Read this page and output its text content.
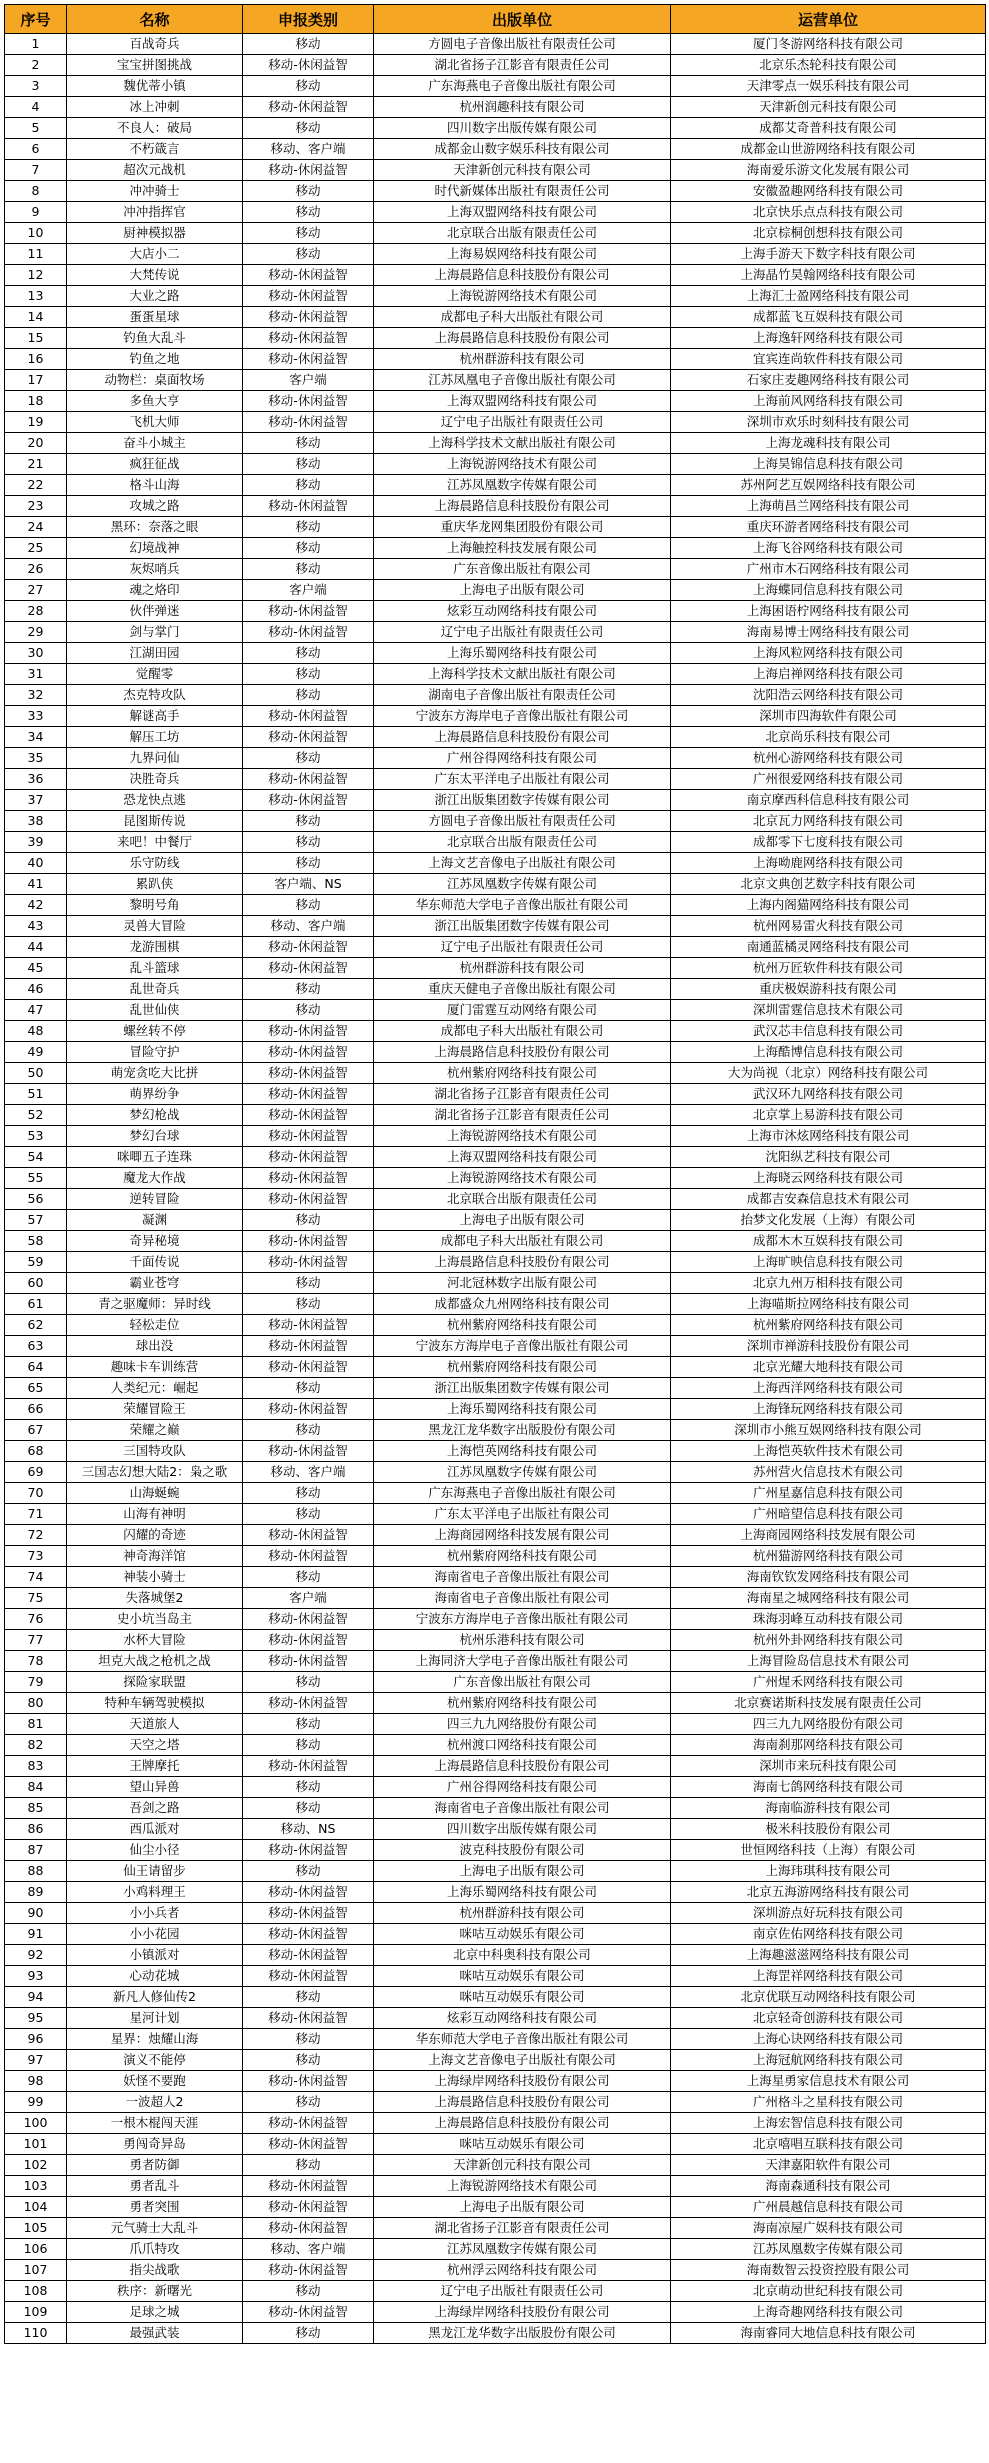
序号	名称	申报类别	出版单位	运营单位
1	百战奇兵	移动	方圆电子音像出版社有限责任公司	厦门冬游网络科技有限公司
2	宝宝拼图挑战	移动-休闲益智	湖北省扬子江影音有限责任公司	北京乐杰轮科技有限公司
3	魏优蒂小镇	移动	广东海燕电子音像出版社有限公司	天津零点一娱乐科技有限公司
4	冰上冲刺	移动-休闲益智	杭州润趣科技有限公司	天津新创元科技有限公司
5	不良人：破局	移动	四川数字出版传媒有限公司	成都艾奇普科技有限公司
6	不朽箴言	移动、客户端	成都金山数字娱乐科技有限公司	成都金山世游网络科技有限公司
7	超次元战机	移动-休闲益智	天津新创元科技有限公司	海南爱乐游文化发展有限公司
8	冲冲骑士	移动	时代新媒体出版社有限责任公司	安徽盈趣网络科技有限公司
9	冲冲指挥官	移动	上海双盟网络科技有限公司	北京快乐点点科技有限公司
10	厨神模拟器	移动	北京联合出版有限责任公司	北京棕桐创想科技有限公司
11	大店小二	移动	上海易娱网络科技有限公司	上海手游天下数字科技有限公司
12	大梵传说	移动-休闲益智	上海晨路信息科技股份有限公司	上海晶竹昊翰网络科技有限公司
13	大业之路	移动-休闲益智	上海锐游网络技术有限公司	上海汇士盈网络科技有限公司
14	蛋蛋星球	移动-休闲益智	成都电子科大出版社有限公司	成都蓝飞互娱科技有限公司
15	钓鱼大乱斗	移动-休闲益智	上海晨路信息科技股份有限公司	上海逸轩网络科技有限公司
16	钓鱼之地	移动-休闲益智	杭州群游科技有限公司	宜宾连尚软件科技有限公司
17	动物栏：桌面牧场	客户端	江苏凤凰电子音像出版社有限公司	石家庄麦趣网络科技有限公司
18	多鱼大亨	移动-休闲益智	上海双盟网络科技有限公司	上海前风网络科技有限公司
19	飞机大师	移动-休闲益智	辽宁电子出版社有限责任公司	深圳市欢乐时刻科技有限公司
20	奋斗小城主	移动	上海科学技术文献出版社有限公司	上海龙魂科技有限公司
21	疯狂征战	移动	上海锐游网络技术有限公司	上海昊锦信息科技有限公司
22	格斗山海	移动	江苏凤凰数字传媒有限公司	苏州阿艺互娱网络科技有限公司
23	攻城之路	移动-休闲益智	上海晨路信息科技股份有限公司	上海萌昌兰网络科技有限公司
24	黑环：奈落之眼	移动	重庆华龙网集团股份有限公司	重庆环游者网络科技有限公司
25	幻境战神	移动	上海触控科技发展有限公司	上海飞谷网络科技有限公司
26	灰烬哨兵	移动	广东音像出版社有限公司	广州市木石网络科技有限公司
27	魂之烙印	客户端	上海电子出版有限公司	上海蝶同信息科技有限公司
28	伙伴弹迷	移动-休闲益智	炫彩互动网络科技有限公司	上海困语柠网络科技有限公司
29	剑与掌门	移动-休闲益智	辽宁电子出版社有限责任公司	海南易博士网络科技有限公司
30	江湖田园	移动	上海乐蜀网络科技有限公司	上海风粒网络科技有限公司
31	觉醒零	移动	上海科学技术文献出版社有限公司	上海启禅网络科技有限公司
32	杰克特攻队	移动	湖南电子音像出版社有限责任公司	沈阳浩云网络科技有限公司
33	解谜高手	移动-休闲益智	宁波东方海岸电子音像出版社有限公司	深圳市四海软件有限公司
34	解压工坊	移动-休闲益智	上海晨路信息科技股份有限公司	北京尚乐科技有限公司
35	九界问仙	移动	广州谷得网络科技有限公司	杭州心游网络科技有限公司
36	决胜奇兵	移动-休闲益智	广东太平洋电子出版社有限公司	广州很爱网络科技有限公司
37	恐龙快点逃	移动-休闲益智	浙江出版集团数字传媒有限公司	南京摩西科信息科技有限公司
38	昆图斯传说	移动	方圆电子音像出版社有限责任公司	北京瓦力网络科技有限公司
39	来吧！中餐厅	移动	北京联合出版有限责任公司	成都零下七度科技有限公司
40	乐守防线	移动	上海文艺音像电子出版社有限公司	上海呦鹿网络科技有限公司
41	累趴侠	客户端、NS	江苏凤凰数字传媒有限公司	北京文典创艺数字科技有限公司
42	黎明号角	移动	华东师范大学电子音像出版社有限公司	上海内阁猫网络科技有限公司
43	灵兽大冒险	移动、客户端	浙江出版集团数字传媒有限公司	杭州网易雷火科技有限公司
44	龙游围棋	移动-休闲益智	辽宁电子出版社有限责任公司	南通蓝橘灵网络科技有限公司
45	乱斗篮球	移动-休闲益智	杭州群游科技有限公司	杭州万匠软件科技有限公司
46	乱世奇兵	移动	重庆天健电子音像出版社有限公司	重庆极娱游科技有限公司
47	乱世仙侠	移动	厦门雷霆互动网络有限公司	深圳雷霆信息技术有限公司
48	螺丝转不停	移动-休闲益智	成都电子科大出版社有限公司	武汉芯丰信息科技有限公司
49	冒险守护	移动-休闲益智	上海晨路信息科技股份有限公司	上海酷博信息科技有限公司
50	萌宠贪吃大比拼	移动-休闲益智	杭州紫府网络科技有限公司	大为尚视（北京）网络科技有限公司
51	萌界纷争	移动-休闲益智	湖北省扬子江影音有限责任公司	武汉环九网络科技有限公司
52	梦幻枪战	移动-休闲益智	湖北省扬子江影音有限责任公司	北京掌上易游科技有限公司
53	梦幻台球	移动-休闲益智	上海锐游网络技术有限公司	上海市沐炫网络科技有限公司
54	咪唧五子连珠	移动-休闲益智	上海双盟网络科技有限公司	沈阳纵艺科技有限公司
55	魔龙大作战	移动-休闲益智	上海锐游网络技术有限公司	上海晓云网络科技有限公司
56	逆转冒险	移动-休闲益智	北京联合出版有限责任公司	成都吉安森信息技术有限公司
57	凝渊	移动	上海电子出版有限公司	抬梦文化发展（上海）有限公司
58	奇异秘境	移动-休闲益智	成都电子科大出版社有限公司	成都木木互娱科技有限公司
59	千面传说	移动-休闲益智	上海晨路信息科技股份有限公司	上海旷映信息科技有限公司
60	霸业苍穹	移动	河北冠林数字出版有限公司	北京九州万相科技有限公司
61	青之驱魔师：异时线	移动	成都盛众九州网络科技有限公司	上海喵斯拉网络科技有限公司
62	轻松走位	移动-休闲益智	杭州紫府网络科技有限公司	杭州紫府网络科技有限公司
63	球出没	移动-休闲益智	宁波东方海岸电子音像出版社有限公司	深圳市禅游科技股份有限公司
64	趣味卡车训练营	移动-休闲益智	杭州紫府网络科技有限公司	北京光耀大地科技有限公司
65	人类纪元：崛起	移动	浙江出版集团数字传媒有限公司	上海西洋网络科技有限公司
66	荣耀冒险王	移动-休闲益智	上海乐蜀网络科技有限公司	上海锋玩网络科技有限公司
67	荣耀之巅	移动	黑龙江龙华数字出版股份有限公司	深圳市小熊互娱网络科技有限公司
68	三国特攻队	移动-休闲益智	上海恺英网络科技有限公司	上海恺英软件技术有限公司
69	三国志幻想大陆2：枭之歌	移动、客户端	江苏凤凰数字传媒有限公司	苏州营火信息技术有限公司
70	山海蜒蜿	移动	广东海燕电子音像出版社有限公司	广州星嘉信息科技有限公司
71	山海有神明	移动	广东太平洋电子出版社有限公司	广州暗望信息科技有限公司
72	闪耀的奇迹	移动-休闲益智	上海商园网络科技发展有限公司	上海商园网络科技发展有限公司
73	神奇海洋馆	移动-休闲益智	杭州紫府网络科技有限公司	杭州猫游网络科技有限公司
74	神装小骑士	移动	海南省电子音像出版社有限公司	海南钦钦发网络科技有限公司
75	失落城堡2	客户端	海南省电子音像出版社有限公司	海南星之城网络科技有限公司
76	史小坑当岛主	移动-休闲益智	宁波东方海岸电子音像出版社有限公司	珠海羽峰互动科技有限公司
77	水杯大冒险	移动-休闲益智	杭州乐港科技有限公司	杭州外卦网络科技有限公司
78	坦克大战之枪机之战	移动-休闲益智	上海同济大学电子音像出版社有限公司	上海冒险岛信息技术有限公司
79	探险家联盟	移动	广东音像出版社有限公司	广州煋禾网络科技有限公司
80	特种车辆驾驶模拟	移动-休闲益智	杭州紫府网络科技有限公司	北京赛诺斯科技发展有限责任公司
81	天道旅人	移动	四三九九网络股份有限公司	四三九九网络股份有限公司
82	天空之塔	移动	杭州渡口网络科技有限公司	海南刹那网络科技有限公司
83	王牌摩托	移动-休闲益智	上海晨路信息科技股份有限公司	深圳市来玩科技有限公司
84	望山异兽	移动	广州谷得网络科技有限公司	海南七鸽网络科技有限公司
85	吾剑之路	移动	海南省电子音像出版社有限公司	海南临游科技有限公司
86	西瓜派对	移动、NS	四川数字出版传媒有限公司	极米科技股份有限公司
87	仙尘小径	移动-休闲益智	波克科技股份有限公司	世恒网络科技（上海）有限公司
88	仙王请留步	移动	上海电子出版有限公司	上海玮琪科技有限公司
89	小鸡料理王	移动-休闲益智	上海乐蜀网络科技有限公司	北京五海游网络科技有限公司
90	小小兵者	移动-休闲益智	杭州群游科技有限公司	深圳游点好玩科技有限公司
91	小小花园	移动-休闲益智	咪咕互动娱乐有限公司	南京佐佑网络科技有限公司
92	小镇派对	移动-休闲益智	北京中科奥科技有限公司	上海趣滋滋网络科技有限公司
93	心动花城	移动-休闲益智	咪咕互动娱乐有限公司	上海罡祥网络科技有限公司
94	新凡人修仙传2	移动	咪咕互动娱乐有限公司	北京优联互动网络科技有限公司
95	星河计划	移动-休闲益智	炫彩互动网络科技有限公司	北京轻奇创游科技有限公司
96	星界：烛耀山海	移动	华东师范大学电子音像出版社有限公司	上海心诀网络科技有限公司
97	演义不能停	移动	上海文艺音像电子出版社有限公司	上海冠航网络科技有限公司
98	妖怪不要跑	移动-休闲益智	上海绿岸网络科技股份有限公司	上海星勇家信息技术有限公司
99	一波超人2	移动	上海晨路信息科技股份有限公司	广州格斗之星科技有限公司
100	一根木棍闯天涯	移动-休闲益智	上海晨路信息科技股份有限公司	上海宏智信息科技有限公司
101	勇闯奇异岛	移动-休闲益智	咪咕互动娱乐有限公司	北京嘻唱互联科技有限公司
102	勇者防御	移动	天津新创元科技有限公司	天津嘉阳软件有限公司
103	勇者乱斗	移动-休闲益智	上海锐游网络技术有限公司	海南森通科技有限公司
104	勇者突围	移动-休闲益智	上海电子出版有限公司	广州晨越信息科技有限公司
105	元气骑士大乱斗	移动-休闲益智	湖北省扬子江影音有限责任公司	海南凉屋广娱科技有限公司
106	爪爪特攻	移动、客户端	江苏凤凰数字传媒有限公司	江苏凤凰数字传媒有限公司
107	指尖战歌	移动-休闲益智	杭州浮云网络科技有限公司	海南数智云投资控股有限公司
108	秩序：新曙光	移动	辽宁电子出版社有限责任公司	北京萌动世纪科技有限公司
109	足球之城	移动-休闲益智	上海绿岸网络科技股份有限公司	上海奇趣网络科技有限公司
110	最强武装	移动	黑龙江龙华数字出版股份有限公司	海南睿同大地信息科技有限公司
